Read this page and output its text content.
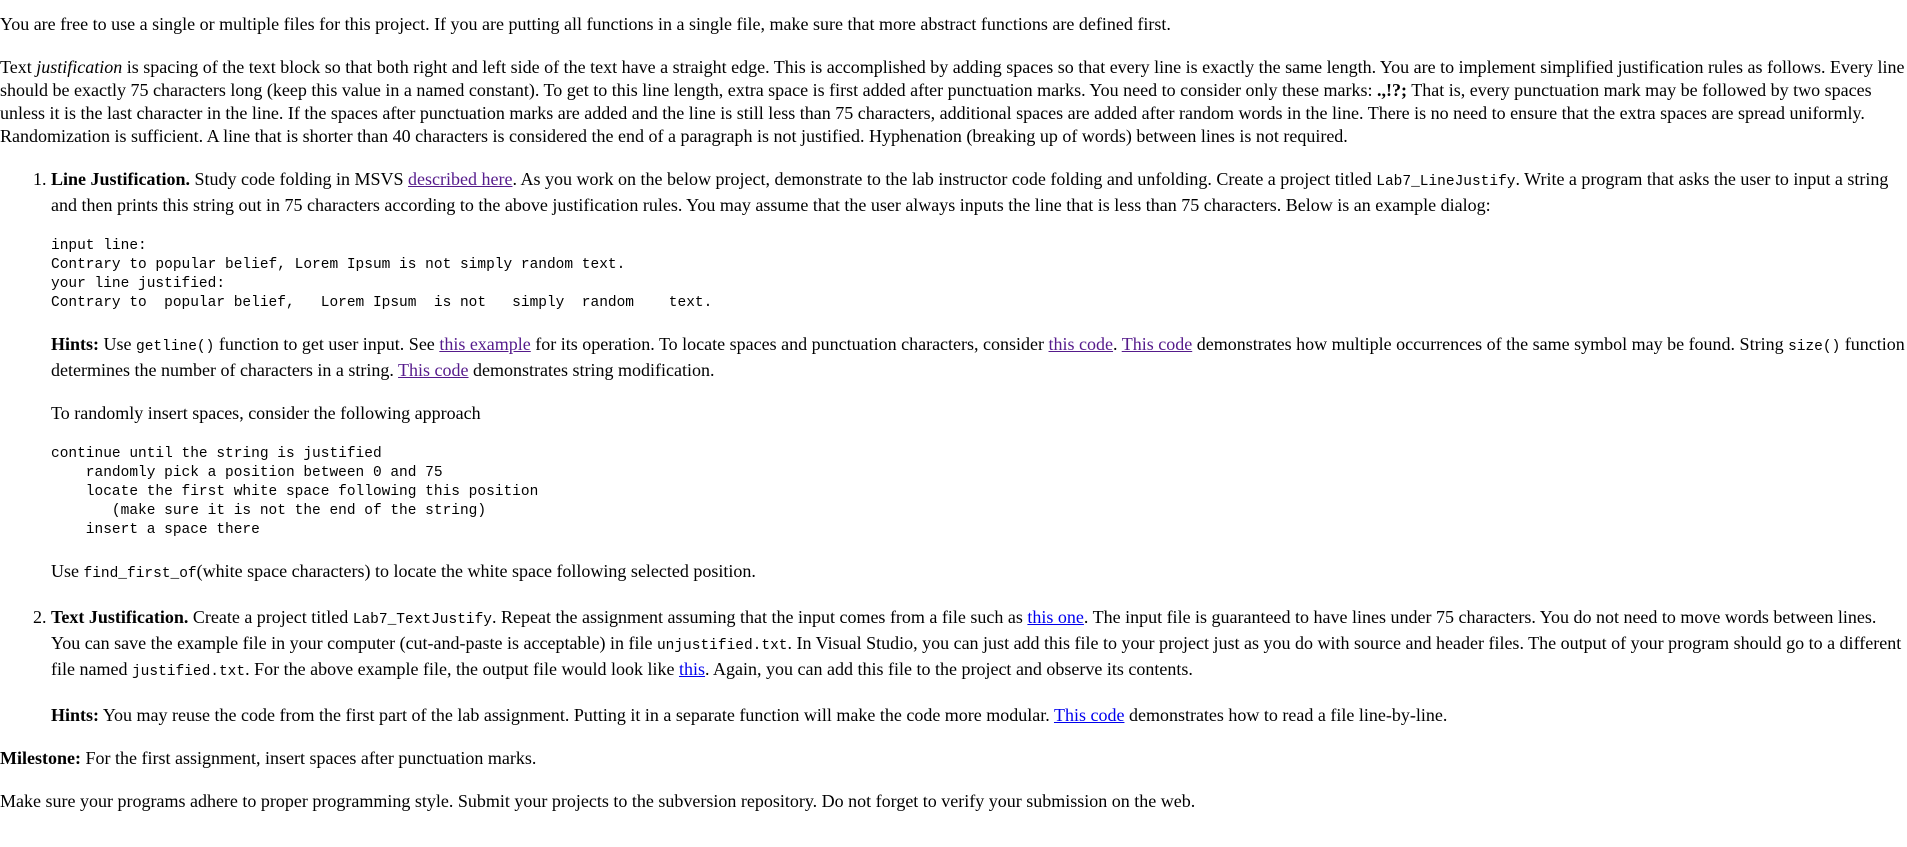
You are free to use a single or multiple files for this project. If you are putting all functions in a single file, make sure that more abstract functions are defined first.

Text justification is spacing of the text block so that both right and left side of the text have a straight edge. This is accomplished by adding spaces so that every line is exactly the same length. You are to implement simplified justification rules as follows. Every line should be exactly 75 characters long (keep this value in a named constant). To get to this line length, extra space is first added after punctuation marks. You need to consider only these marks: .,!?; That is, every punctuation mark may be followed by two spaces unless it is the last character in the line. If the spaces after punctuation marks are added and the line is still less than 75 characters, additional spaces are added after random words in the line. There is no need to ensure that the extra spaces are spread uniformly. Randomization is sufficient. A line that is shorter than 40 characters is considered the end of a paragraph is not justified. Hyphenation (breaking up of words) between lines is not required.

1. Line Justification. Study code folding in MSVS described here. As you work on the below project, demonstrate to the lab instructor code folding and unfolding. Create a project titled Lab7_LineJustify. Write a program that asks the user to input a string and then prints this string out in 75 characters according to the above justification rules. You may assume that the user always inputs the line that is less than 75 characters. Below is an example dialog:

input line:
Contrary to popular belief, Lorem Ipsum is not simply random text.
your line justified:
Contrary to  popular belief,   Lorem Ipsum  is not   simply  random    text.

Hints: Use getline() function to get user input. See this example for its operation. To locate spaces and punctuation characters, consider this code. This code demonstrates how multiple occurrences of the same symbol may be found. String size() function determines the number of characters in a string. This code demonstrates string modification.

To randomly insert spaces, consider the following approach

continue until the string is justified
randomly pick a position between 0 and 75
locate the first white space following this position
(make sure it is not the end of the string)
insert a space there

Use find_first_of(white space characters) to locate the white space following selected position.

2. Text Justification. Create a project titled Lab7_TextJustify. Repeat the assignment assuming that the input comes from a file such as this one. The input file is guaranteed to have lines under 75 characters. You do not need to move words between lines. You can save the example file in your computer (cut-and-paste is acceptable) in file unjustified.txt. In Visual Studio, you can just add this file to your project just as you do with source and header files. The output of your program should go to a different file named justified.txt. For the above example file, the output file would look like this. Again, you can add this file to the project and observe its contents.

Hints: You may reuse the code from the first part of the lab assignment. Putting it in a separate function will make the code more modular. This code demonstrates how to read a file line-by-line.

Milestone: For the first assignment, insert spaces after punctuation marks.

Make sure your programs adhere to proper programming style. Submit your projects to the subversion repository. Do not forget to verify your submission on the web.
